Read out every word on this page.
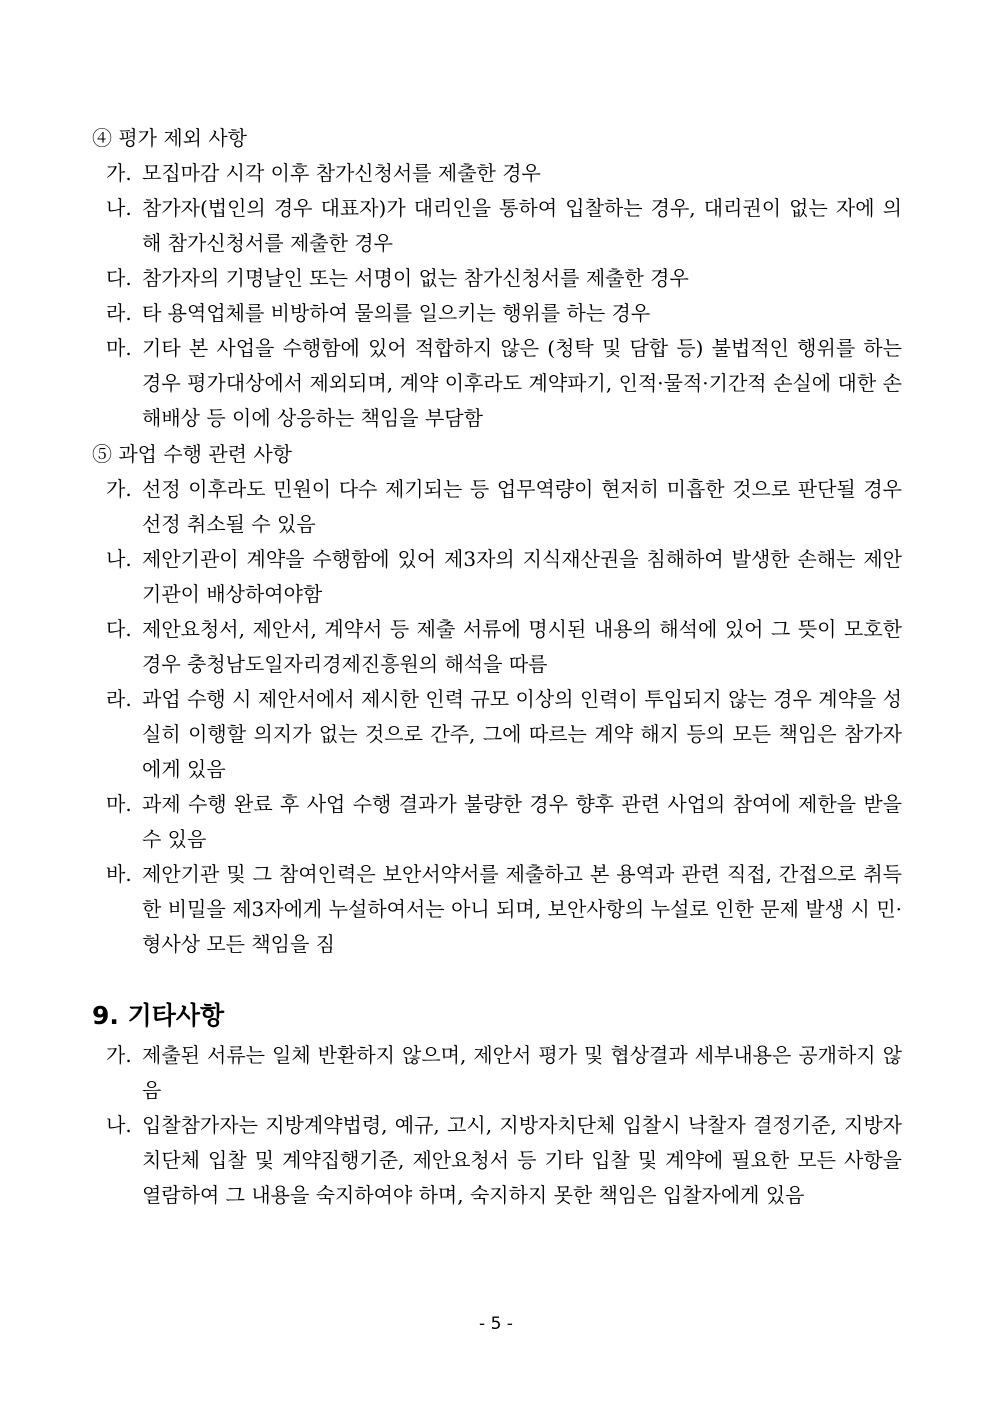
④ 평가 제외 사항
가. 모집마감 시각 이후 참가신청서를 제출한 경우
나. 참가자(법인의 경우 대표자)가 대리인을 통하여 입찰하는 경우, 대리권이 없는 자에 의해 참가신청서를 제출한 경우
다. 참가자의 기명날인 또는 서명이 없는 참가신청서를 제출한 경우
라. 타 용역업체를 비방하여 물의를 일으키는 행위를 하는 경우
마. 기타 본 사업을 수행함에 있어 적합하지 않은 (청탁 및 담합 등) 불법적인 행위를 하는 경우 평가대상에서 제외되며, 계약 이후라도 계약파기, 인적·물적·기간적 손실에 대한 손해배상 등 이에 상응하는 책임을 부담함
⑤ 과업 수행 관련 사항
가. 선정 이후라도 민원이 다수 제기되는 등 업무역량이 현저히 미흡한 것으로 판단될 경우 선정 취소될 수 있음
나. 제안기관이 계약을 수행함에 있어 제3자의 지식재산권을 침해하여 발생한 손해는 제안기관이 배상하여야함
다. 제안요청서, 제안서, 계약서 등 제출 서류에 명시된 내용의 해석에 있어 그 뜻이 모호한 경우 충청남도일자리경제진흥원의 해석을 따름
라. 과업 수행 시 제안서에서 제시한 인력 규모 이상의 인력이 투입되지 않는 경우 계약을 성실히 이행할 의지가 없는 것으로 간주, 그에 따르는 계약 해지 등의 모든 책임은 참가자에게 있음
마. 과제 수행 완료 후 사업 수행 결과가 불량한 경우 향후 관련 사업의 참여에 제한을 받을 수 있음
바. 제안기관 및 그 참여인력은 보안서약서를 제출하고 본 용역과 관련 직접, 간접으로 취득한 비밀을 제3자에게 누설하여서는 아니 되며, 보안사항의 누설로 인한 문제 발생 시 민·형사상 모든 책임을 짐
9. 기타사항
가. 제출된 서류는 일체 반환하지 않으며, 제안서 평가 및 협상결과 세부내용은 공개하지 않음
나. 입찰참가자는 지방계약법령, 예규, 고시, 지방자치단체 입찰시 낙찰자 결정기준, 지방자치단체 입찰 및 계약집행기준, 제안요청서 등 기타 입찰 및 계약에 필요한 모든 사항을 열람하여 그 내용을 숙지하여야 하며, 숙지하지 못한 책임은 입찰자에게 있음
- 5 -
